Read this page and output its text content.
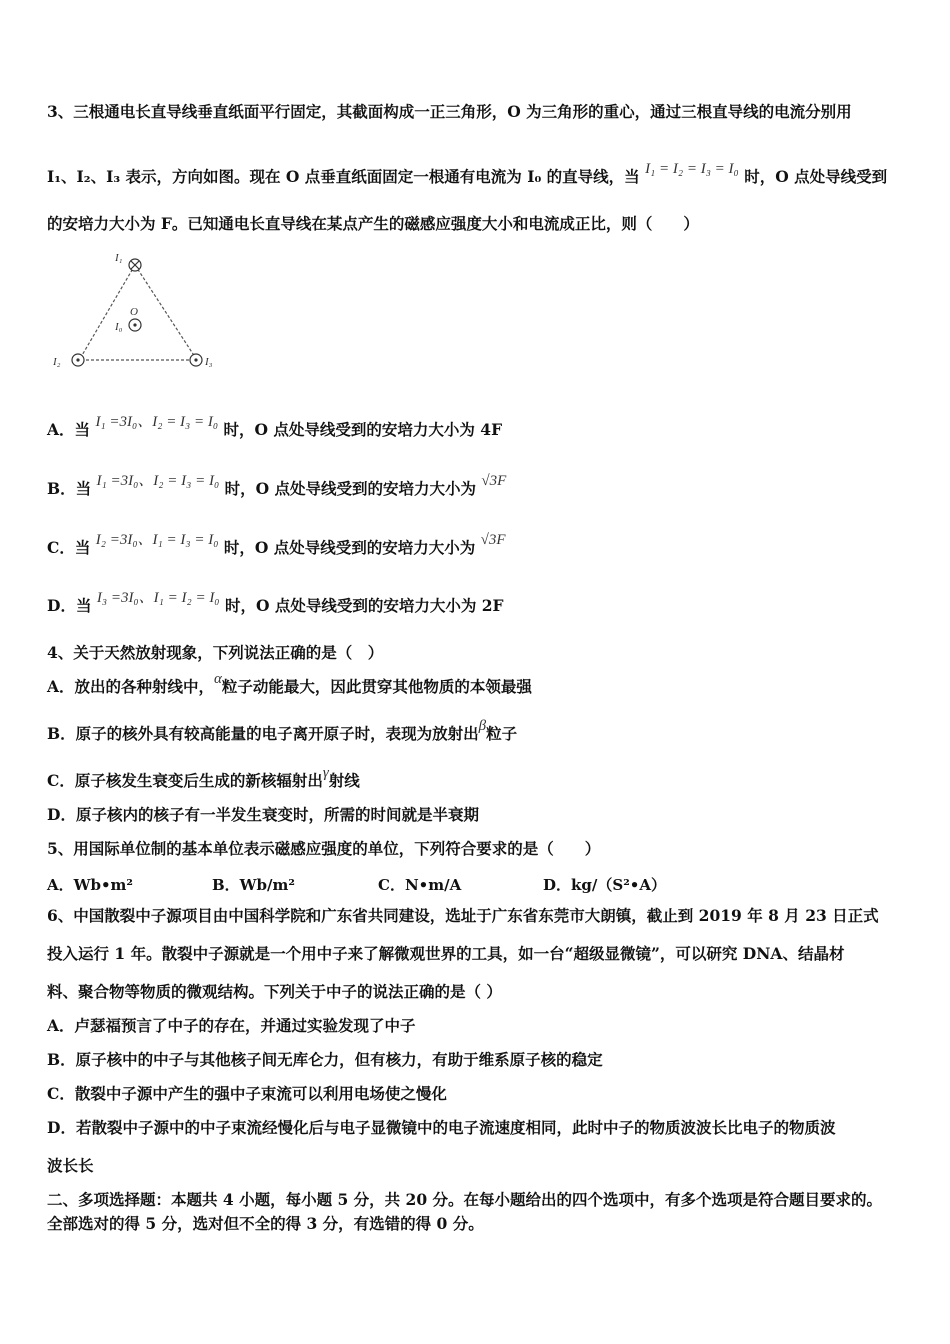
3、三根通电长直导线垂直纸面平行固定，其截面构成一正三角形，O 为三角形的重心，通过三根直导线的电流分别用
I₁、I₂、I₃ 表示，方向如图。现在 O 点垂直纸面固定一根通有电流为 I₀ 的直导线，当 I₁ = I₂ = I₃ = I₀ 时，O 点处导线受到
的安培力大小为 F。已知通电长直导线在某点产生的磁感应强度大小和电流成正比，则（　　）
I₁
I₂	I₃
O
I₀
A．当 I₁ =3I₀、I₂ = I₃ = I₀ 时，O 点处导线受到的安培力大小为 4F
B．当 I₁ =3I₀、I₂ = I₃ = I₀ 时，O 点处导线受到的安培力大小为 √3F
C．当 I₂ =3I₀、I₁ = I₃ = I₀ 时，O 点处导线受到的安培力大小为 √3F
D．当 I₃ =3I₀、I₁ = I₂ = I₀ 时，O 点处导线受到的安培力大小为 2F
4、关于天然放射现象，下列说法正确的是（　）
A．放出的各种射线中，α粒子动能最大，因此贯穿其他物质的本领最强
B．原子的核外具有较高能量的电子离开原子时，表现为放射出β粒子
C．原子核发生衰变后生成的新核辐射出γ射线
D．原子核内的核子有一半发生衰变时，所需的时间就是半衰期
5、用国际单位制的基本单位表示磁感应强度的单位，下列符合要求的是（　　）
A．Wb•m²	B．Wb/m²	C．N•m/A	D．kg/（S²•A）
6、中国散裂中子源项目由中国科学院和广东省共同建设，选址于广东省东莞市大朗镇，截止到 2019 年 8 月 23 日正式
投入运行 1 年。散裂中子源就是一个用中子来了解微观世界的工具，如一台“超级显微镜”，可以研究 DNA、结晶材
料、聚合物等物质的微观结构。下列关于中子的说法正确的是（ ）
A．卢瑟福预言了中子的存在，并通过实验发现了中子
B．原子核中的中子与其他核子间无库仑力，但有核力，有助于维系原子核的稳定
C．散裂中子源中产生的强中子束流可以利用电场使之慢化
D．若散裂中子源中的中子束流经慢化后与电子显微镜中的电子流速度相同，此时中子的物质波波长比电子的物质波
波长长
二、多项选择题：本题共 4 小题，每小题 5 分，共 20 分。在每小题给出的四个选项中，有多个选项是符合题目要求的。
全部选对的得 5 分，选对但不全的得 3 分，有选错的得 0 分。
